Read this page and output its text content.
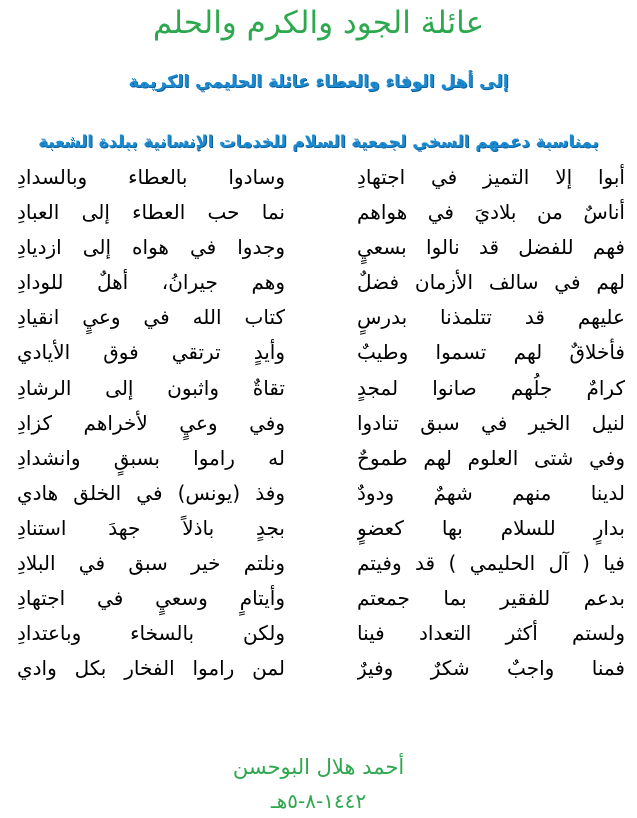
عائلة الجود والكرم والحلم
إلى أهل الوفاء والعطاء عائلة الحليمي الكريمة
بمناسبة دعمهم السخي لجمعية السلام للخدمات الإنسانية ببلدة الشعبة
أبوا إلا التميز في اجتهادِ
أناسٌ من بلاديَ في هواهم
فهم للفضل قد نالوا بسعيٍ
لهم في سالف الأزمان فضلٌ
عليهم قد تتلمذنا بدرسٍ
فأخلاقٌ لهم تسموا وطيبٌ
كرامٌ جلُهم صانوا لمجدٍ
لنيل الخير في سبق تنادوا
وفي شتى العلوم لهم طموحٌ
لدينا منهم شهمٌ ودودٌ
بدارٍ للسلام بها كعضوٍ
فيا ( آل الحليمي ) قد وفيتم
بدعم للفقير بما جمعتم
ولستم أكثر التعداد فينا
فمنا واجبٌ شكرٌ وفيرٌ
وسادوا بالعطاء وبالسدادِ
نما حب العطاء إلى العبادِ
وجدوا في هواه إلى ازديادِ
وهم جيرانُ، أهلٌ للودادِ
كتاب الله في وعيٍ انقيادِ
وأيدٍ ترتقي فوق الأيادي
تقاةٌ واثبون إلى الرشادِ
وفي وعيٍ لأخراهم كزادِ
له راموا بسبقٍ وانشدادِ
وفذ (يونس) في الخلق هادي
بجدٍ باذلاً جهدَ استنادِ
ونلتم خير سبق في البلادِ
وأيتامٍ وسعيٍ في اجتهادِ
ولكن بالسخاء وباعتدادِ
لمن راموا الفخار بكل وادي
أحمد هلال البوحسن
١٤٤٢-٨-٥هـ
